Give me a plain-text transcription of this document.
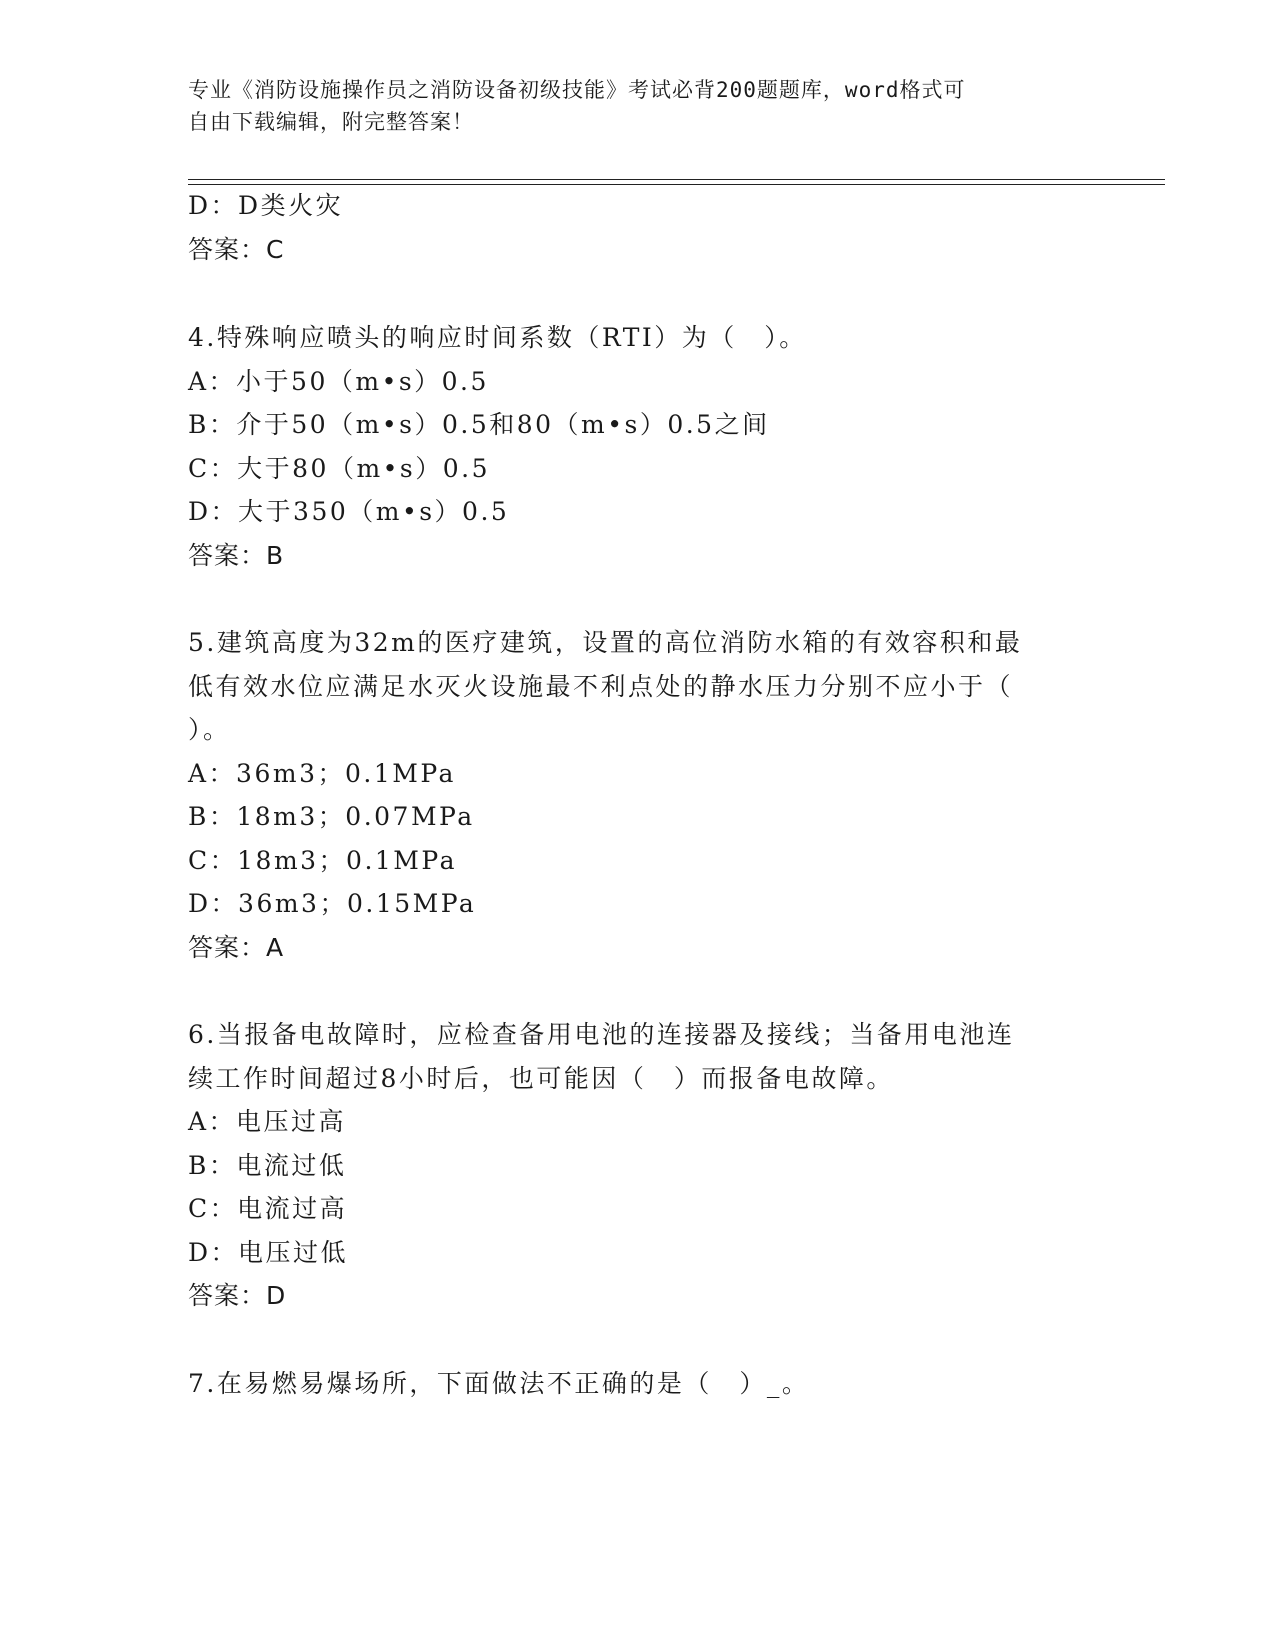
专业《消防设施操作员之消防设备初级技能》考试必背200题题库，word格式可
自由下载编辑，附完整答案！
D：D类火灾
答案：C
4.特殊响应喷头的响应时间系数（RTI）为（　）。
A：小于50（m•s）0.5
B：介于50（m•s）0.5和80（m•s）0.5之间
C：大于80（m•s）0.5
D：大于350（m•s）0.5
答案：B
5.建筑高度为32m的医疗建筑，设置的高位消防水箱的有效容积和最
低有效水位应满足水灭火设施最不利点处的静水压力分别不应小于（
）。
A：36m3；0.1MPa
B：18m3；0.07MPa
C：18m3；0.1MPa
D：36m3；0.15MPa
答案：A
6.当报备电故障时，应检查备用电池的连接器及接线；当备用电池连
续工作时间超过8小时后，也可能因（　）而报备电故障。
A：电压过高
B：电流过低
C：电流过高
D：电压过低
答案：D
7.在易燃易爆场所，下面做法不正确的是（　）_。
